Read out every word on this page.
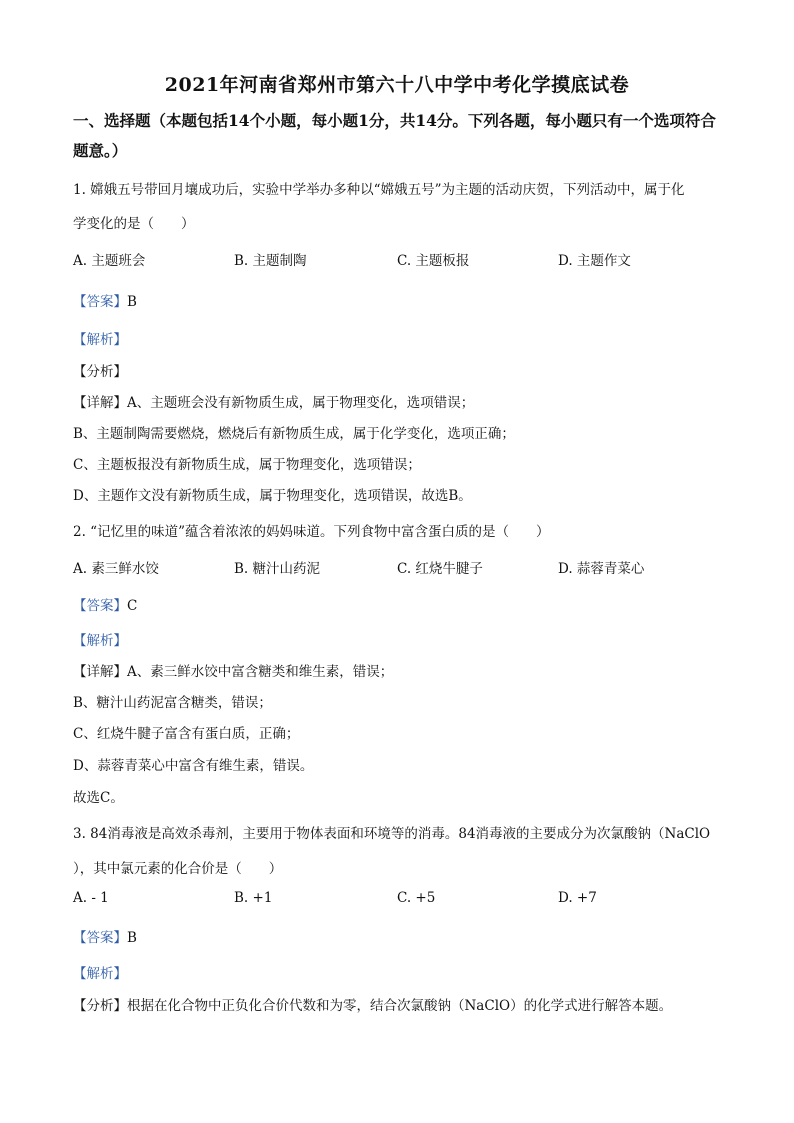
2021年河南省郑州市第六十八中学中考化学摸底试卷
一、选择题（本题包括14个小题，每小题1分，共14分。下列各题，每小题只有一个选项符合题意。）
1. 嫦娥五号带回月壤成功后，实验中学举办多种以“嫦娥五号”为主题的活动庆贺，下列活动中，属于化
学变化的是（　　）
A. 主题班会	B. 主题制陶	C. 主题板报	D. 主题作文
【答案】B
【解析】
【分析】
【详解】A、主题班会没有新物质生成，属于物理变化，选项错误；
B、主题制陶需要燃烧，燃烧后有新物质生成，属于化学变化，选项正确；
C、主题板报没有新物质生成，属于物理变化，选项错误；
D、主题作文没有新物质生成，属于物理变化，选项错误，故选B。
2. “记忆里的味道”蕴含着浓浓的妈妈味道。下列食物中富含蛋白质的是（　　）
A. 素三鲜水饺	B. 糖汁山药泥	C. 红烧牛腱子	D. 蒜蓉青菜心
【答案】C
【解析】
【详解】A、素三鲜水饺中富含糖类和维生素，错误；
B、糖汁山药泥富含糖类，错误；
C、红烧牛腱子富含有蛋白质，正确；
D、蒜蓉青菜心中富含有维生素，错误。
故选C。
3. 84消毒液是高效杀毒剂，主要用于物体表面和环境等的消毒。84消毒液的主要成分为次氯酸钠（NaClO
），其中氯元素的化合价是（　　）
A. - 1	B. +1	C. +5	D. +7
【答案】B
【解析】
【分析】根据在化合物中正负化合价代数和为零，结合次氯酸钠（NaClO）的化学式进行解答本题。
